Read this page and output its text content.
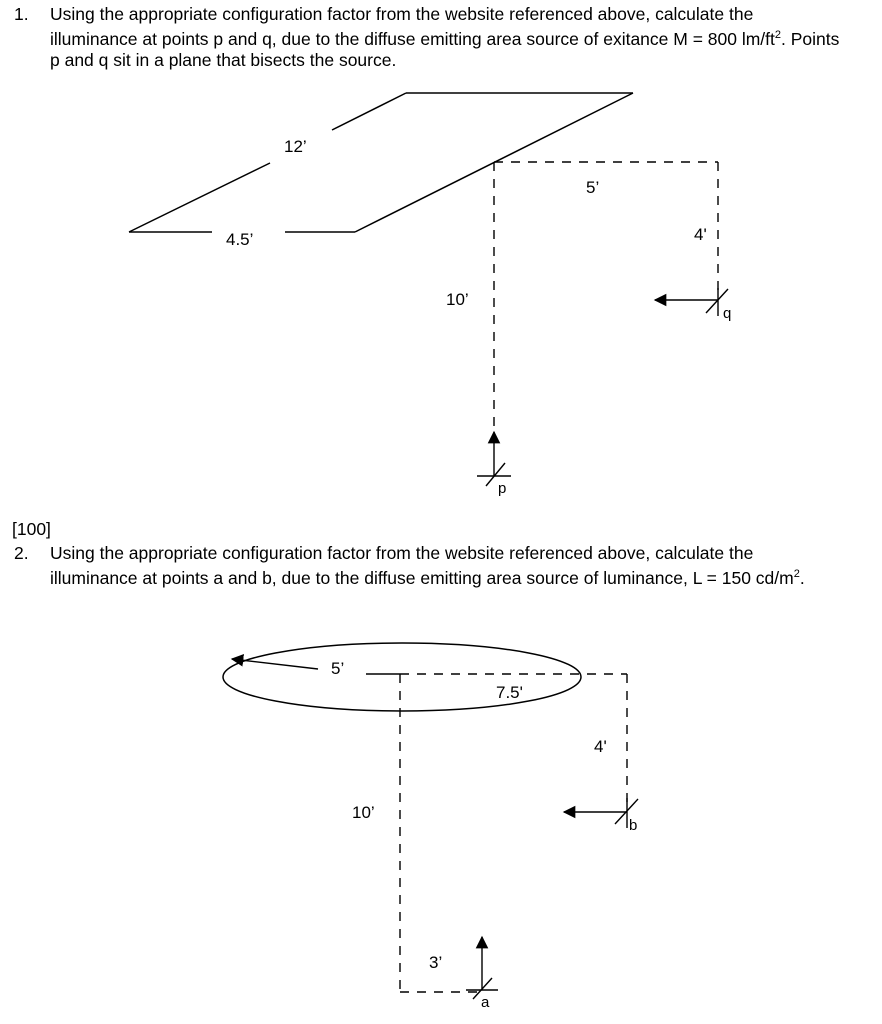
1. Using the appropriate configuration factor from the website referenced above, calculate the illuminance at points p and q, due to the diffuse emitting area source of exitance M = 800 $lm/ft^2$. Points p and q sit in a plane that bisects the source.
[100]
2. Using the appropriate configuration factor from the website referenced above, calculate the illuminance at points a and b, due to the diffuse emitting area source of luminance, L = 150 $cd/m^2$.
12’
4.5’
10’
5’
4'
p
q
5’
7.5'
10’
4'
3’
a
b
